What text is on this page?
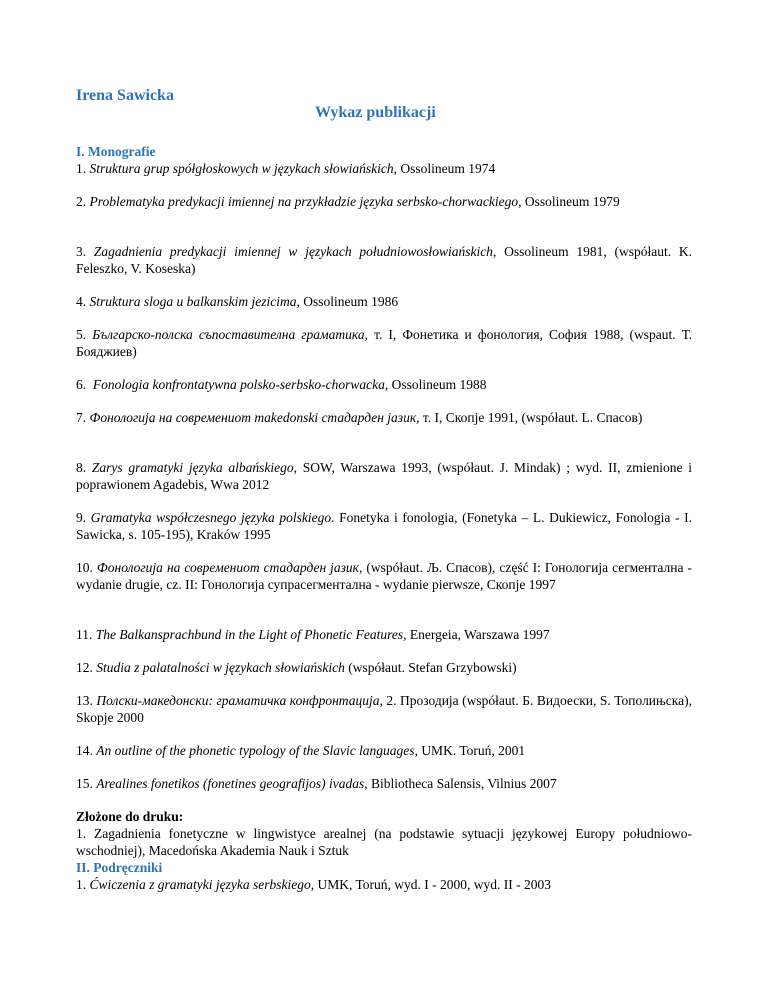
Irena Sawicka
Wykaz publikacji
I. Monografie
1. Struktura grup spółgłoskowych w językach słowiańskich, Ossolineum 1974
2. Problematyka predykacji imiennej na przykładzie języka serbsko-chorwackiego, Ossolineum 1979
3. Zagadnienia predykacji imiennej w językach południowosłowiańskich, Ossolineum 1981, (współaut. K. Feleszko, V. Koseska)
4. Struktura sloga u balkanskim jezicima, Ossolineum 1986
5. Българско-полска съпоставителна граматика, т. I, Фонетика и фонология, София 1988, (wspaut. Т. Бояджиев)
6. Fonologia konfrontatywna polsko-serbsko-chorwacka, Ossolineum 1988
7. Фонологија на современиот makedonski стадарден јазик, т. I, Скопје 1991, (współaut. L. Спасов)
8. Zarys gramatyki języka albańskiego, SOW, Warszawa 1993, (współaut. J. Mindak) ; wyd. II, zmienione i poprawionem Agadebis, Wwa 2012
9. Gramatyka współczesnego języka polskiego. Fonetyka i fonologia, (Fonetyka – L. Dukiewicz, Fonologia - I. Sawicka, s. 105-195), Kraków 1995
10. Фонологија на современиот стадарден јазик, (współaut. Љ. Спасов), część I: Гонологија сегментална - wydanie drugie, cz. II: Гонологија супрасегментална - wydanie pierwsze, Скопје 1997
11. The Balkansprachbund in the Light of Phonetic Features, Energeia, Warszawa 1997
12. Studia z palatalności w językach słowiańskich (współaut. Stefan Grzybowski)
13. Полски-македонски: граматичка конфронтација, 2. Прозодија (współaut. Б. Видоески, S. Тополињска), Skopje 2000
14. An outline of the phonetic typology of the Slavic languages, UMK. Toruń, 2001
15. Arealines fonetikos (fonetines geografijos) ivadas, Bibliotheca Salensis, Vilnius 2007
Złożone do druku:
1. Zagadnienia fonetyczne w lingwistyce arealnej (na podstawie sytuacji językowej Europy południowo-wschodniej), Macedońska Akademia Nauk i Sztuk
II. Podręczniki
1. Ćwiczenia z gramatyki języka serbskiego, UMK, Toruń, wyd. I - 2000, wyd. II - 2003
